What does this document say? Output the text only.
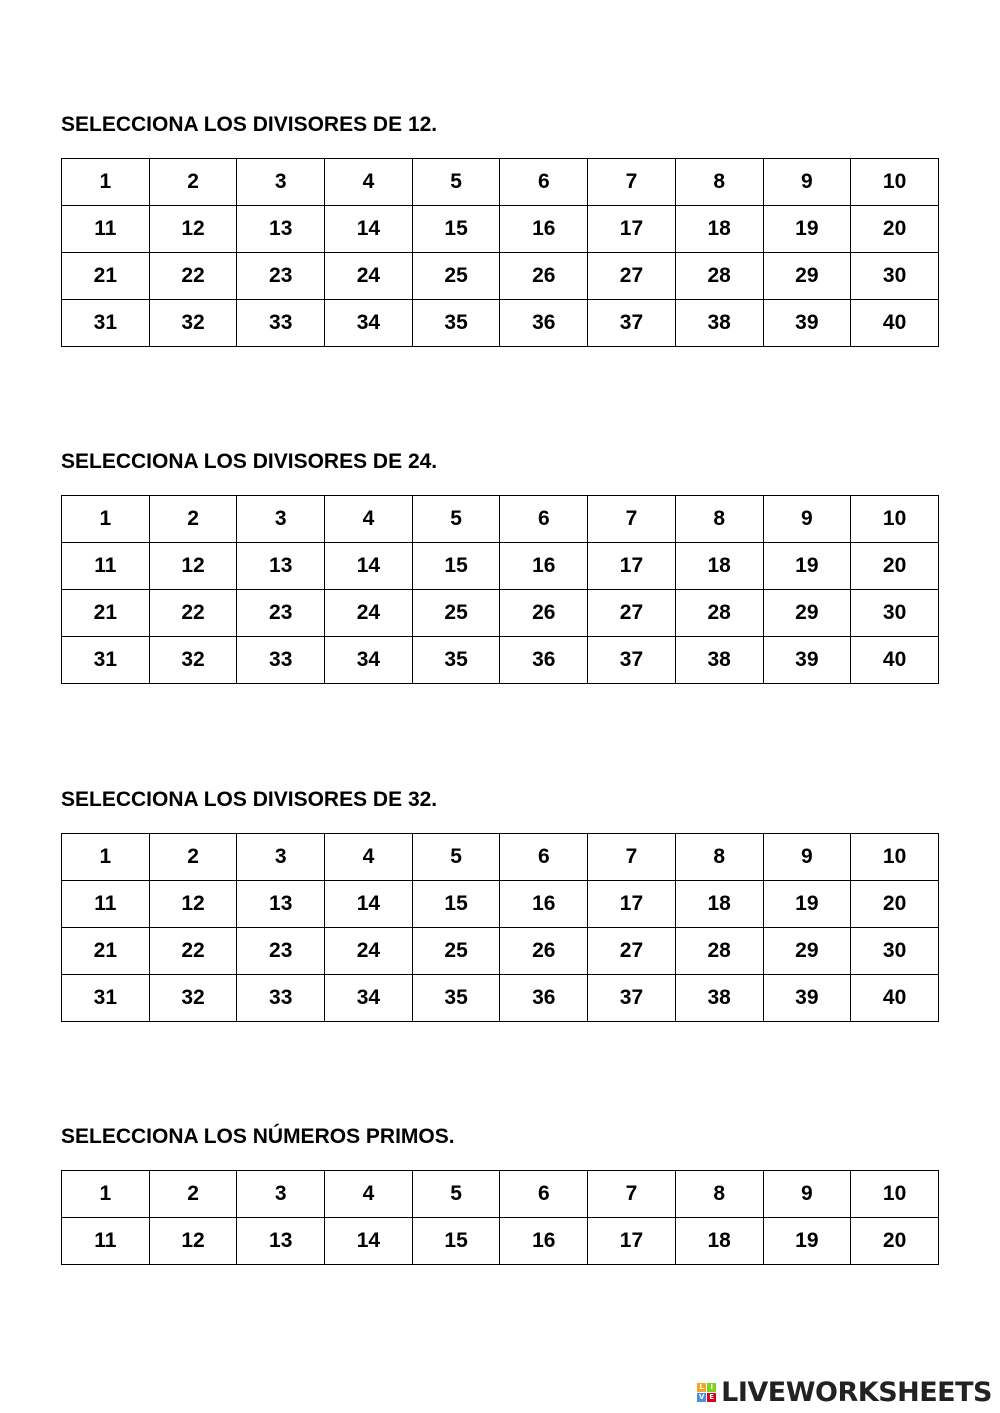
SELECCIONA LOS DIVISORES DE 12.
1	2	3	4	5	6	7	8	9	10
11	12	13	14	15	16	17	18	19	20
21	22	23	24	25	26	27	28	29	30
31	32	33	34	35	36	37	38	39	40
SELECCIONA LOS DIVISORES DE 24.
1	2	3	4	5	6	7	8	9	10
11	12	13	14	15	16	17	18	19	20
21	22	23	24	25	26	27	28	29	30
31	32	33	34	35	36	37	38	39	40
SELECCIONA LOS DIVISORES DE 32.
1	2	3	4	5	6	7	8	9	10
11	12	13	14	15	16	17	18	19	20
21	22	23	24	25	26	27	28	29	30
31	32	33	34	35	36	37	38	39	40
SELECCIONA LOS NÚMEROS PRIMOS.
1	2	3	4	5	6	7	8	9	10
11	12	13	14	15	16	17	18	19	20
L I
V E LIVEWORKSHEETS
